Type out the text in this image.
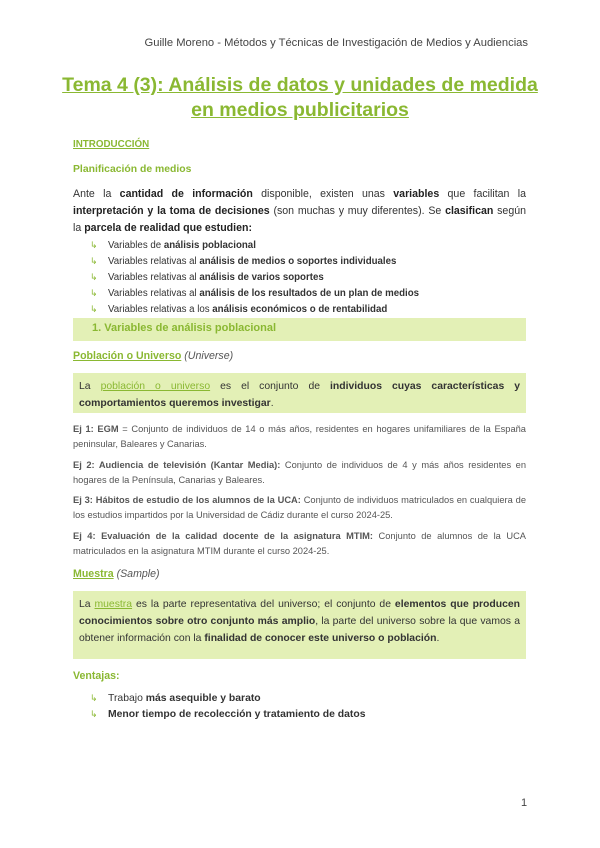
Guille Moreno - Métodos y Técnicas de Investigación de Medios y Audiencias
Tema 4 (3): Análisis de datos y unidades de medida
en medios publicitarios
INTRODUCCIÓN
Planificación de medios
Ante la cantidad de información disponible, existen unas variables que facilitan la interpretación y la toma de decisiones (son muchas y muy diferentes). Se clasifican según la parcela de realidad que estudien:
↳ Variables de análisis poblacional
↳ Variables relativas al análisis de medios o soportes individuales
↳ Variables relativas al análisis de varios soportes
↳ Variables relativas al análisis de los resultados de un plan de medios
↳ Variables relativas a los análisis económicos o de rentabilidad
1. Variables de análisis poblacional
Población o Universo (Universe)
La población o universo es el conjunto de individuos cuyas características y comportamientos queremos investigar.
Ej 1: EGM = Conjunto de individuos de 14 o más años, residentes en hogares unifamiliares de la España peninsular, Baleares y Canarias.
Ej 2: Audiencia de televisión (Kantar Media): Conjunto de individuos de 4 y más años residentes en hogares de la Península, Canarias y Baleares.
Ej 3: Hábitos de estudio de los alumnos de la UCA: Conjunto de individuos matriculados en cualquiera de los estudios impartidos por la Universidad de Cádiz durante el curso 2024-25.
Ej 4: Evaluación de la calidad docente de la asignatura MTIM: Conjunto de alumnos de la UCA matriculados en la asignatura MTIM durante el curso 2024-25.
Muestra (Sample)
La muestra es la parte representativa del universo; el conjunto de elementos que producen conocimientos sobre otro conjunto más amplio, la parte del universo sobre la que vamos a obtener información con la finalidad de conocer este universo o población.
Ventajas:
↳ Trabajo más asequible y barato
↳ Menor tiempo de recolección y tratamiento de datos
1
